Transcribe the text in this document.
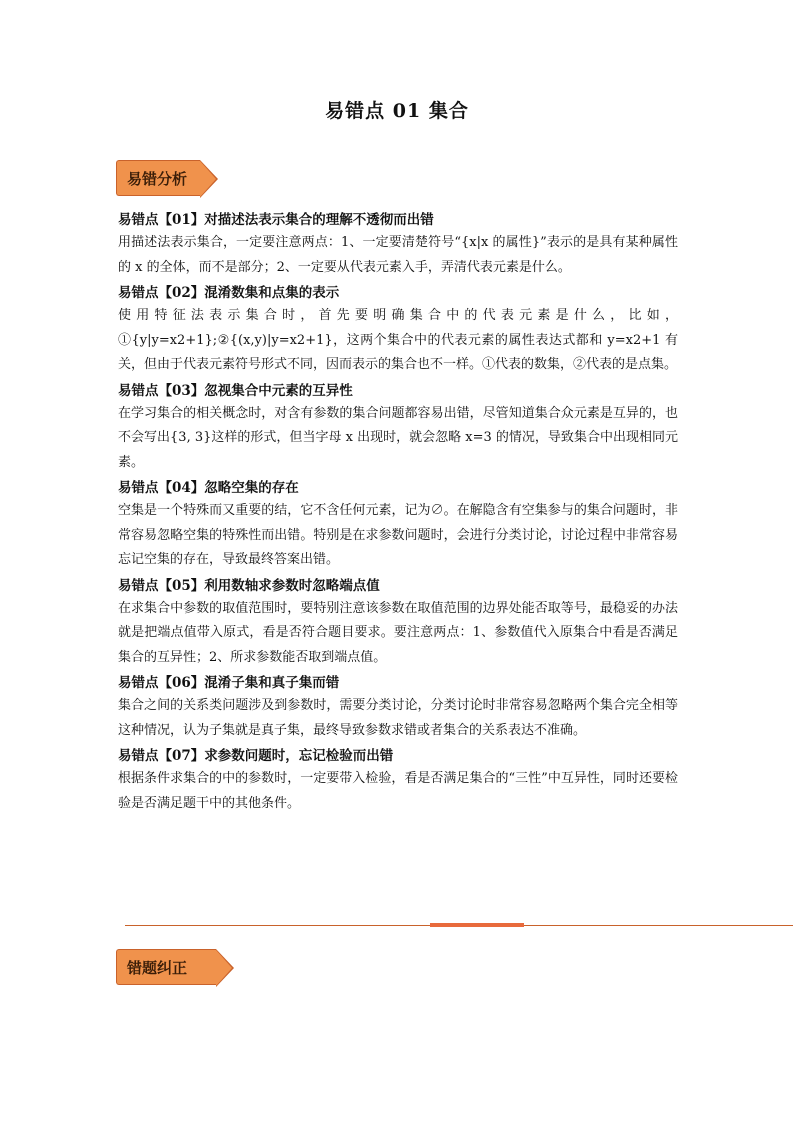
易错点 01 集合
易错分析

易错点【01】对描述法表示集合的理解不透彻而出错

用描述法表示集合，一定要注意两点：1、一定要清楚符号“{x|x 的属性}”表示的是具有某种属性的 x 的全体，而不是部分；2、一定要从代表元素入手，弄清代表元素是什么。

易错点【02】混淆数集和点集的表示

使用特征法表示集合时，首先要明确集合中的代表元素是什么，比如，①{y|y=x2+1};②{(x,y)|y=x2+1}，这两个集合中的代表元素的属性表达式都和 y=x2+1 有关，但由于代表元素符号形式不同，因而表示的集合也不一样。①代表的数集，②代表的是点集。

易错点【03】忽视集合中元素的互异性

在学习集合的相关概念时，对含有参数的集合问题都容易出错，尽管知道集合众元素是互异的，也不会写出{3, 3}这样的形式，但当字母 x 出现时，就会忽略 x=3 的情况，导致集合中出现相同元素。

易错点【04】忽略空集的存在

空集是一个特殊而又重要的结，它不含任何元素，记为∅。在解隐含有空集参与的集合问题时，非常容易忽略空集的特殊性而出错。特别是在求参数问题时，会进行分类讨论，讨论过程中非常容易忘记空集的存在，导致最终答案出错。

易错点【05】利用数轴求参数时忽略端点值

在求集合中参数的取值范围时，要特别注意该参数在取值范围的边界处能否取等号，最稳妥的办法就是把端点值带入原式，看是否符合题目要求。要注意两点：1、参数值代入原集合中看是否满足集合的互异性；2、所求参数能否取到端点值。

易错点【06】混淆子集和真子集而错

集合之间的关系类问题涉及到参数时，需要分类讨论，分类讨论时非常容易忽略两个集合完全相等这种情况，认为子集就是真子集，最终导致参数求错或者集合的关系表达不准确。

易错点【07】求参数问题时，忘记检验而出错

根据条件求集合的中的参数时，一定要带入检验，看是否满足集合的“三性”中互异性，同时还要检验是否满足题干中的其他条件。

错题纠正
